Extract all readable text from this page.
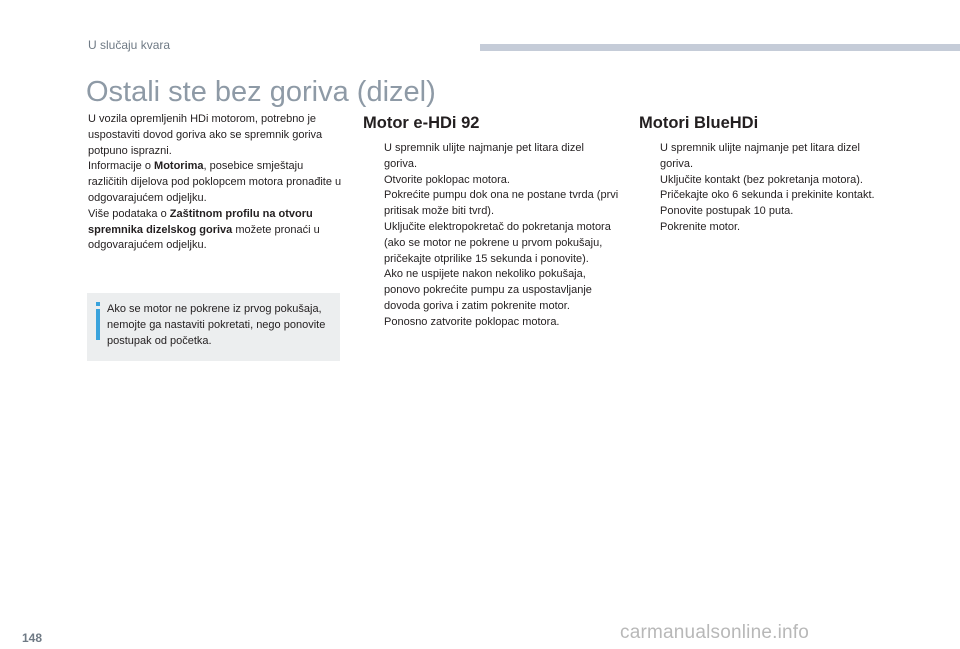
U slučaju kvara
Ostali ste bez goriva (dizel)

U vozila opremljenih HDi motorom, potrebno je uspostaviti dovod goriva ako se spremnik goriva potpuno isprazni.

Informacije o Motorima, posebice smještaju različitih dijelova pod poklopcem motora pronađite u odgovarajućem odjeljku.

Više podataka o Zaštitnom profilu na otvoru spremnika dizelskog goriva možete pronaći u odgovarajućem odjeljku.

Ako se motor ne pokrene iz prvog pokušaja, nemojte ga nastaviti pokretati, nego ponovite postupak od početka.

Motor e-HDi 92
U spremnik ulijte najmanje pet litara dizel goriva.
Otvorite poklopac motora.
Pokrećite pumpu dok ona ne postane tvrda (prvi pritisak može biti tvrd).
Uključite elektropokretač do pokretanja motora (ako se motor ne pokrene u prvom pokušaju, pričekajte otprilike 15 sekunda i ponovite).
Ako ne uspijete nakon nekoliko pokušaja, ponovo pokrećite pumpu za uspostavljanje dovoda goriva i zatim pokrenite motor.
Ponosno zatvorite poklopac motora.
Motori BlueHDi
U spremnik ulijte najmanje pet litara dizel goriva.
Uključite kontakt (bez pokretanja motora).
Pričekajte oko 6 sekunda i prekinite kontakt.
Ponovite postupak 10 puta.
Pokrenite motor.
148	carmanualsonline.info
